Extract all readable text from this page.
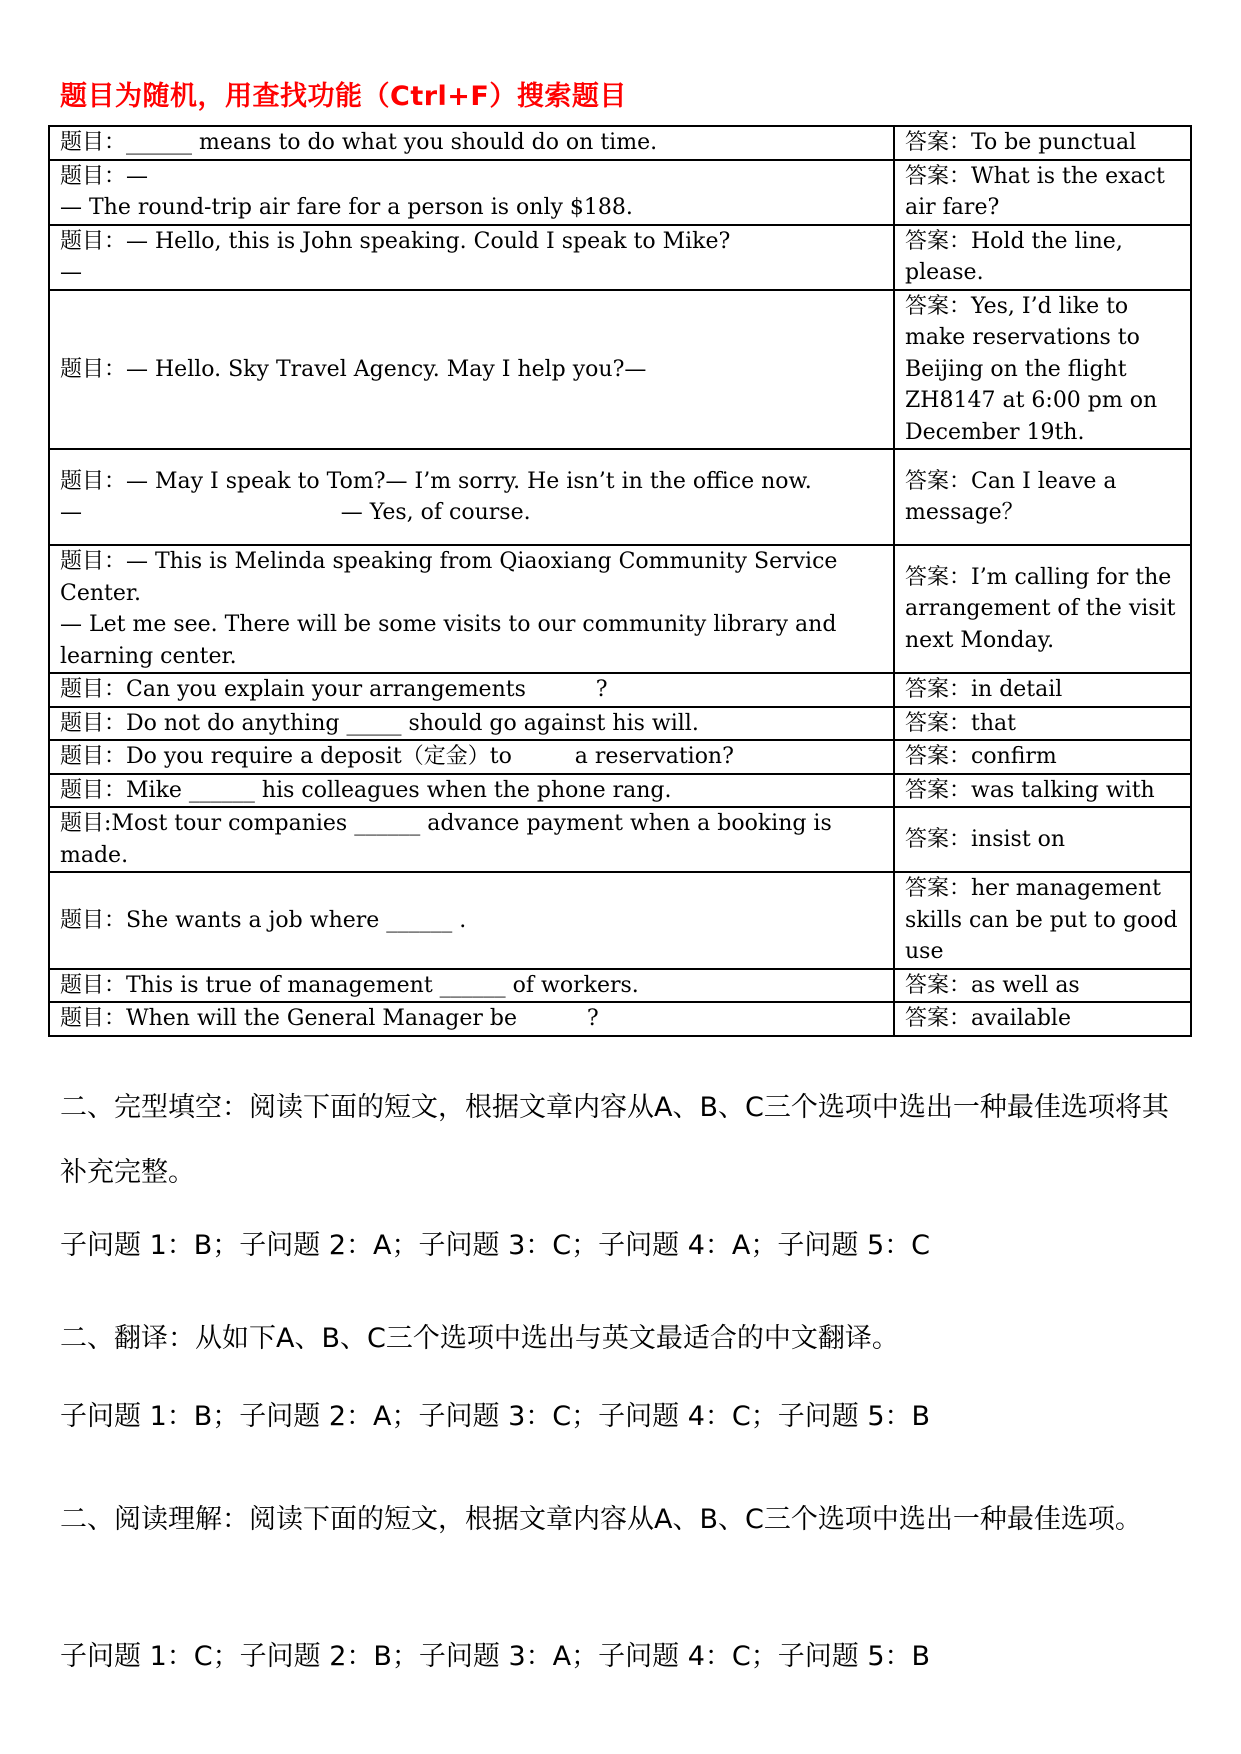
题目为随机，用查找功能（Ctrl+F）搜索题目
题目：______ means to do what you should do on time.	答案：To be punctual
题目：—
— The round-trip air fare for a person is only $188.	答案：What is the exact air fare?
题目：— Hello, this is John speaking. Could I speak to Mike?
—	答案：Hold the line, please.
题目：— Hello. Sky Travel Agency. May I help you?—	答案：Yes, I’d like to make reservations to Beijing on the flight ZH8147 at 6:00 pm on December 19th.
题目：— May I speak to Tom?— I’m sorry. He isn’t in the office now.
—                                     — Yes, of course.	答案：Can I leave a message？
题目：— This is Melinda speaking from Qiaoxiang Community Service Center.
— Let me see. There will be some visits to our community library and learning center.	答案：I’m calling for the arrangement of the visit next Monday.
题目：Can you explain your arrangements          ?	答案：in detail
题目：Do not do anything _____ should go against his will.	答案：that
题目：Do you require a deposit（定金）to         a reservation?	答案：confirm
题目：Mike ______ his colleagues when the phone rang.	答案：was talking with
题目:Most tour companies ______ advance payment when a booking is made.	答案：insist on
题目：She wants a job where ______ .	答案：her management skills can be put to good use
题目：This is true of management ______ of workers.	答案：as well as
题目：When will the General Manager be          ?	答案：available
二、完型填空：阅读下面的短文，根据文章内容从A、B、C三个选项中选出一种最佳选项将其补充完整。
子问题 1：B；子问题 2：A；子问题 3：C；子问题 4：A；子问题 5：C
二、翻译：从如下A、B、C三个选项中选出与英文最适合的中文翻译。
子问题 1：B；子问题 2：A；子问题 3：C；子问题 4：C；子问题 5：B
二、阅读理解：阅读下面的短文，根据文章内容从A、B、C三个选项中选出一种最佳选项。
子问题 1：C；子问题 2：B；子问题 3：A；子问题 4：C；子问题 5：B
